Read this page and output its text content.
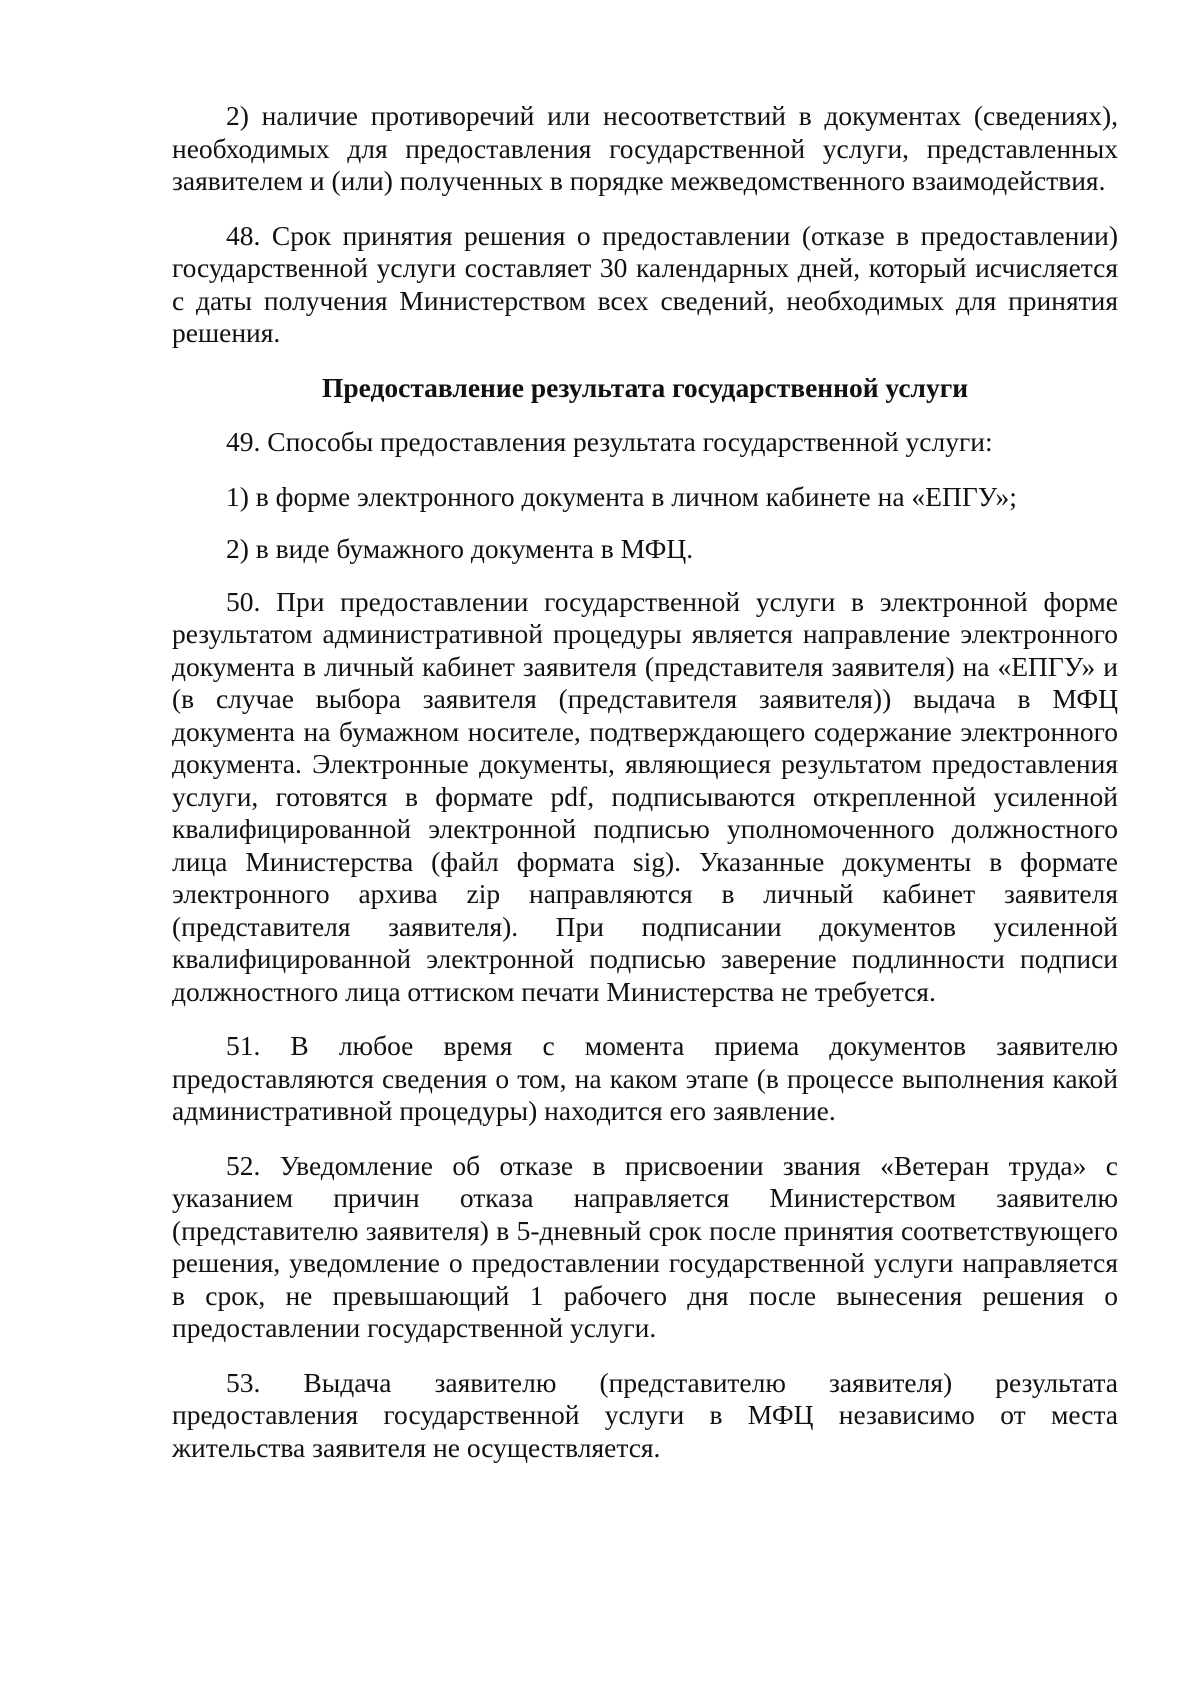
2) наличие противоречий или несоответствий в документах (сведениях), необходимых для предоставления государственной услуги, представленных заявителем и (или) полученных в порядке межведомственного взаимодействия.

48. Срок принятия решения о предоставлении (отказе в предоставлении) государственной услуги составляет 30 календарных дней, который исчисляется с даты получения Министерством всех сведений, необходимых для принятия решения.

Предоставление результата государственной услуги

49. Способы предоставления результата государственной услуги:

1) в форме электронного документа в личном кабинете на «ЕПГУ»;

2) в виде бумажного документа в МФЦ.

50. При предоставлении государственной услуги в электронной форме результатом административной процедуры является направление электронного документа в личный кабинет заявителя (представителя заявителя) на «ЕПГУ» и (в случае выбора заявителя (представителя заявителя)) выдача в МФЦ документа на бумажном носителе, подтверждающего содержание электронного документа. Электронные документы, являющиеся результатом предоставления услуги, готовятся в формате pdf, подписываются открепленной усиленной квалифицированной электронной подписью уполномоченного должностного лица Министерства (файл формата sig). Указанные документы в формате электронного архива zip направляются в личный кабинет заявителя (представителя заявителя). При подписании документов усиленной квалифицированной электронной подписью заверение подлинности подписи должностного лица оттиском печати Министерства не требуется.

51. В любое время с момента приема документов заявителю предоставляются сведения о том, на каком этапе (в процессе выполнения какой административной процедуры) находится его заявление.

52. Уведомление об отказе в присвоении звания «Ветеран труда» с указанием причин отказа направляется Министерством заявителю (представителю заявителя) в 5-дневный срок после принятия соответствующего решения, уведомление о предоставлении государственной услуги направляется в срок, не превышающий 1 рабочего дня после вынесения решения о предоставлении государственной услуги.

53. Выдача заявителю (представителю заявителя) результата предоставления государственной услуги в МФЦ независимо от места жительства заявителя не осуществляется.
